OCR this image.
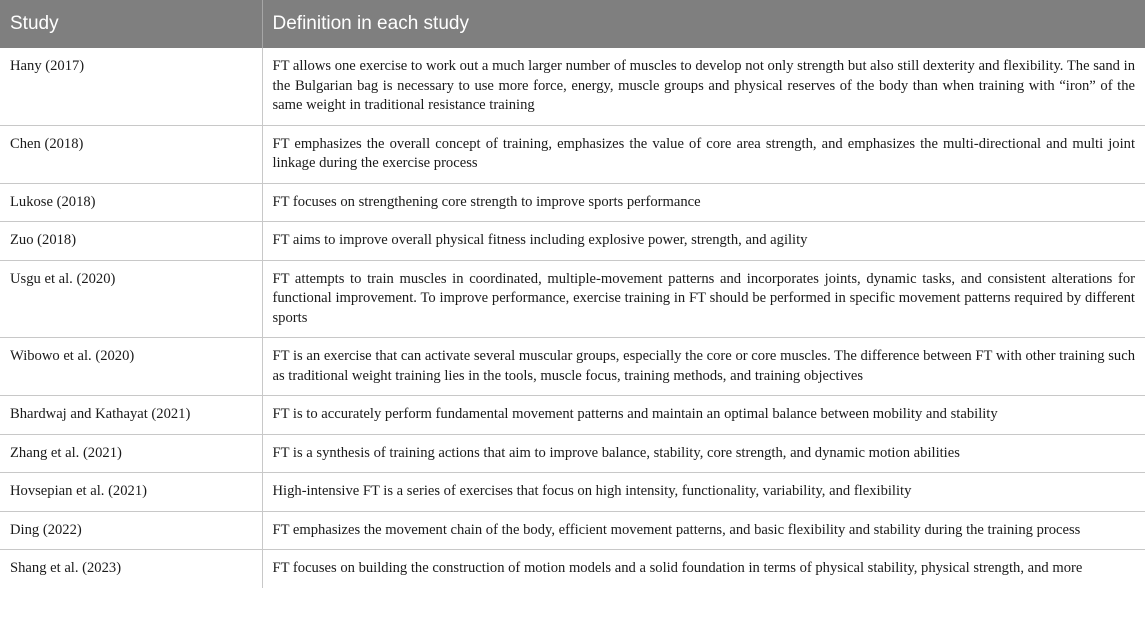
Study	Definition in each study
Hany (2017)	FT allows one exercise to work out a much larger number of muscles to develop not only strength but also still dexterity and flexibility. The sand in the Bulgarian bag is necessary to use more force, energy, muscle groups and physical reserves of the body than when training with “iron” of the same weight in traditional resistance training
Chen (2018)	FT emphasizes the overall concept of training, emphasizes the value of core area strength, and emphasizes the multi-directional and multi joint linkage during the exercise process
Lukose (2018)	FT focuses on strengthening core strength to improve sports performance
Zuo (2018)	FT aims to improve overall physical fitness including explosive power, strength, and agility
Usgu et al. (2020)	FT attempts to train muscles in coordinated, multiple-movement patterns and incorporates joints, dynamic tasks, and consistent alterations for functional improvement. To improve performance, exercise training in FT should be performed in specific movement patterns required by different sports
Wibowo et al. (2020)	FT is an exercise that can activate several muscular groups, especially the core or core muscles. The difference between FT with other training such as traditional weight training lies in the tools, muscle focus, training methods, and training objectives
Bhardwaj and Kathayat (2021)	FT is to accurately perform fundamental movement patterns and maintain an optimal balance between mobility and stability
Zhang et al. (2021)	FT is a synthesis of training actions that aim to improve balance, stability, core strength, and dynamic motion abilities
Hovsepian et al. (2021)	High-intensive FT is a series of exercises that focus on high intensity, functionality, variability, and flexibility
Ding (2022)	FT emphasizes the movement chain of the body, efficient movement patterns, and basic flexibility and stability during the training process
Shang et al. (2023)	FT focuses on building the construction of motion models and a solid foundation in terms of physical stability, physical strength, and more
